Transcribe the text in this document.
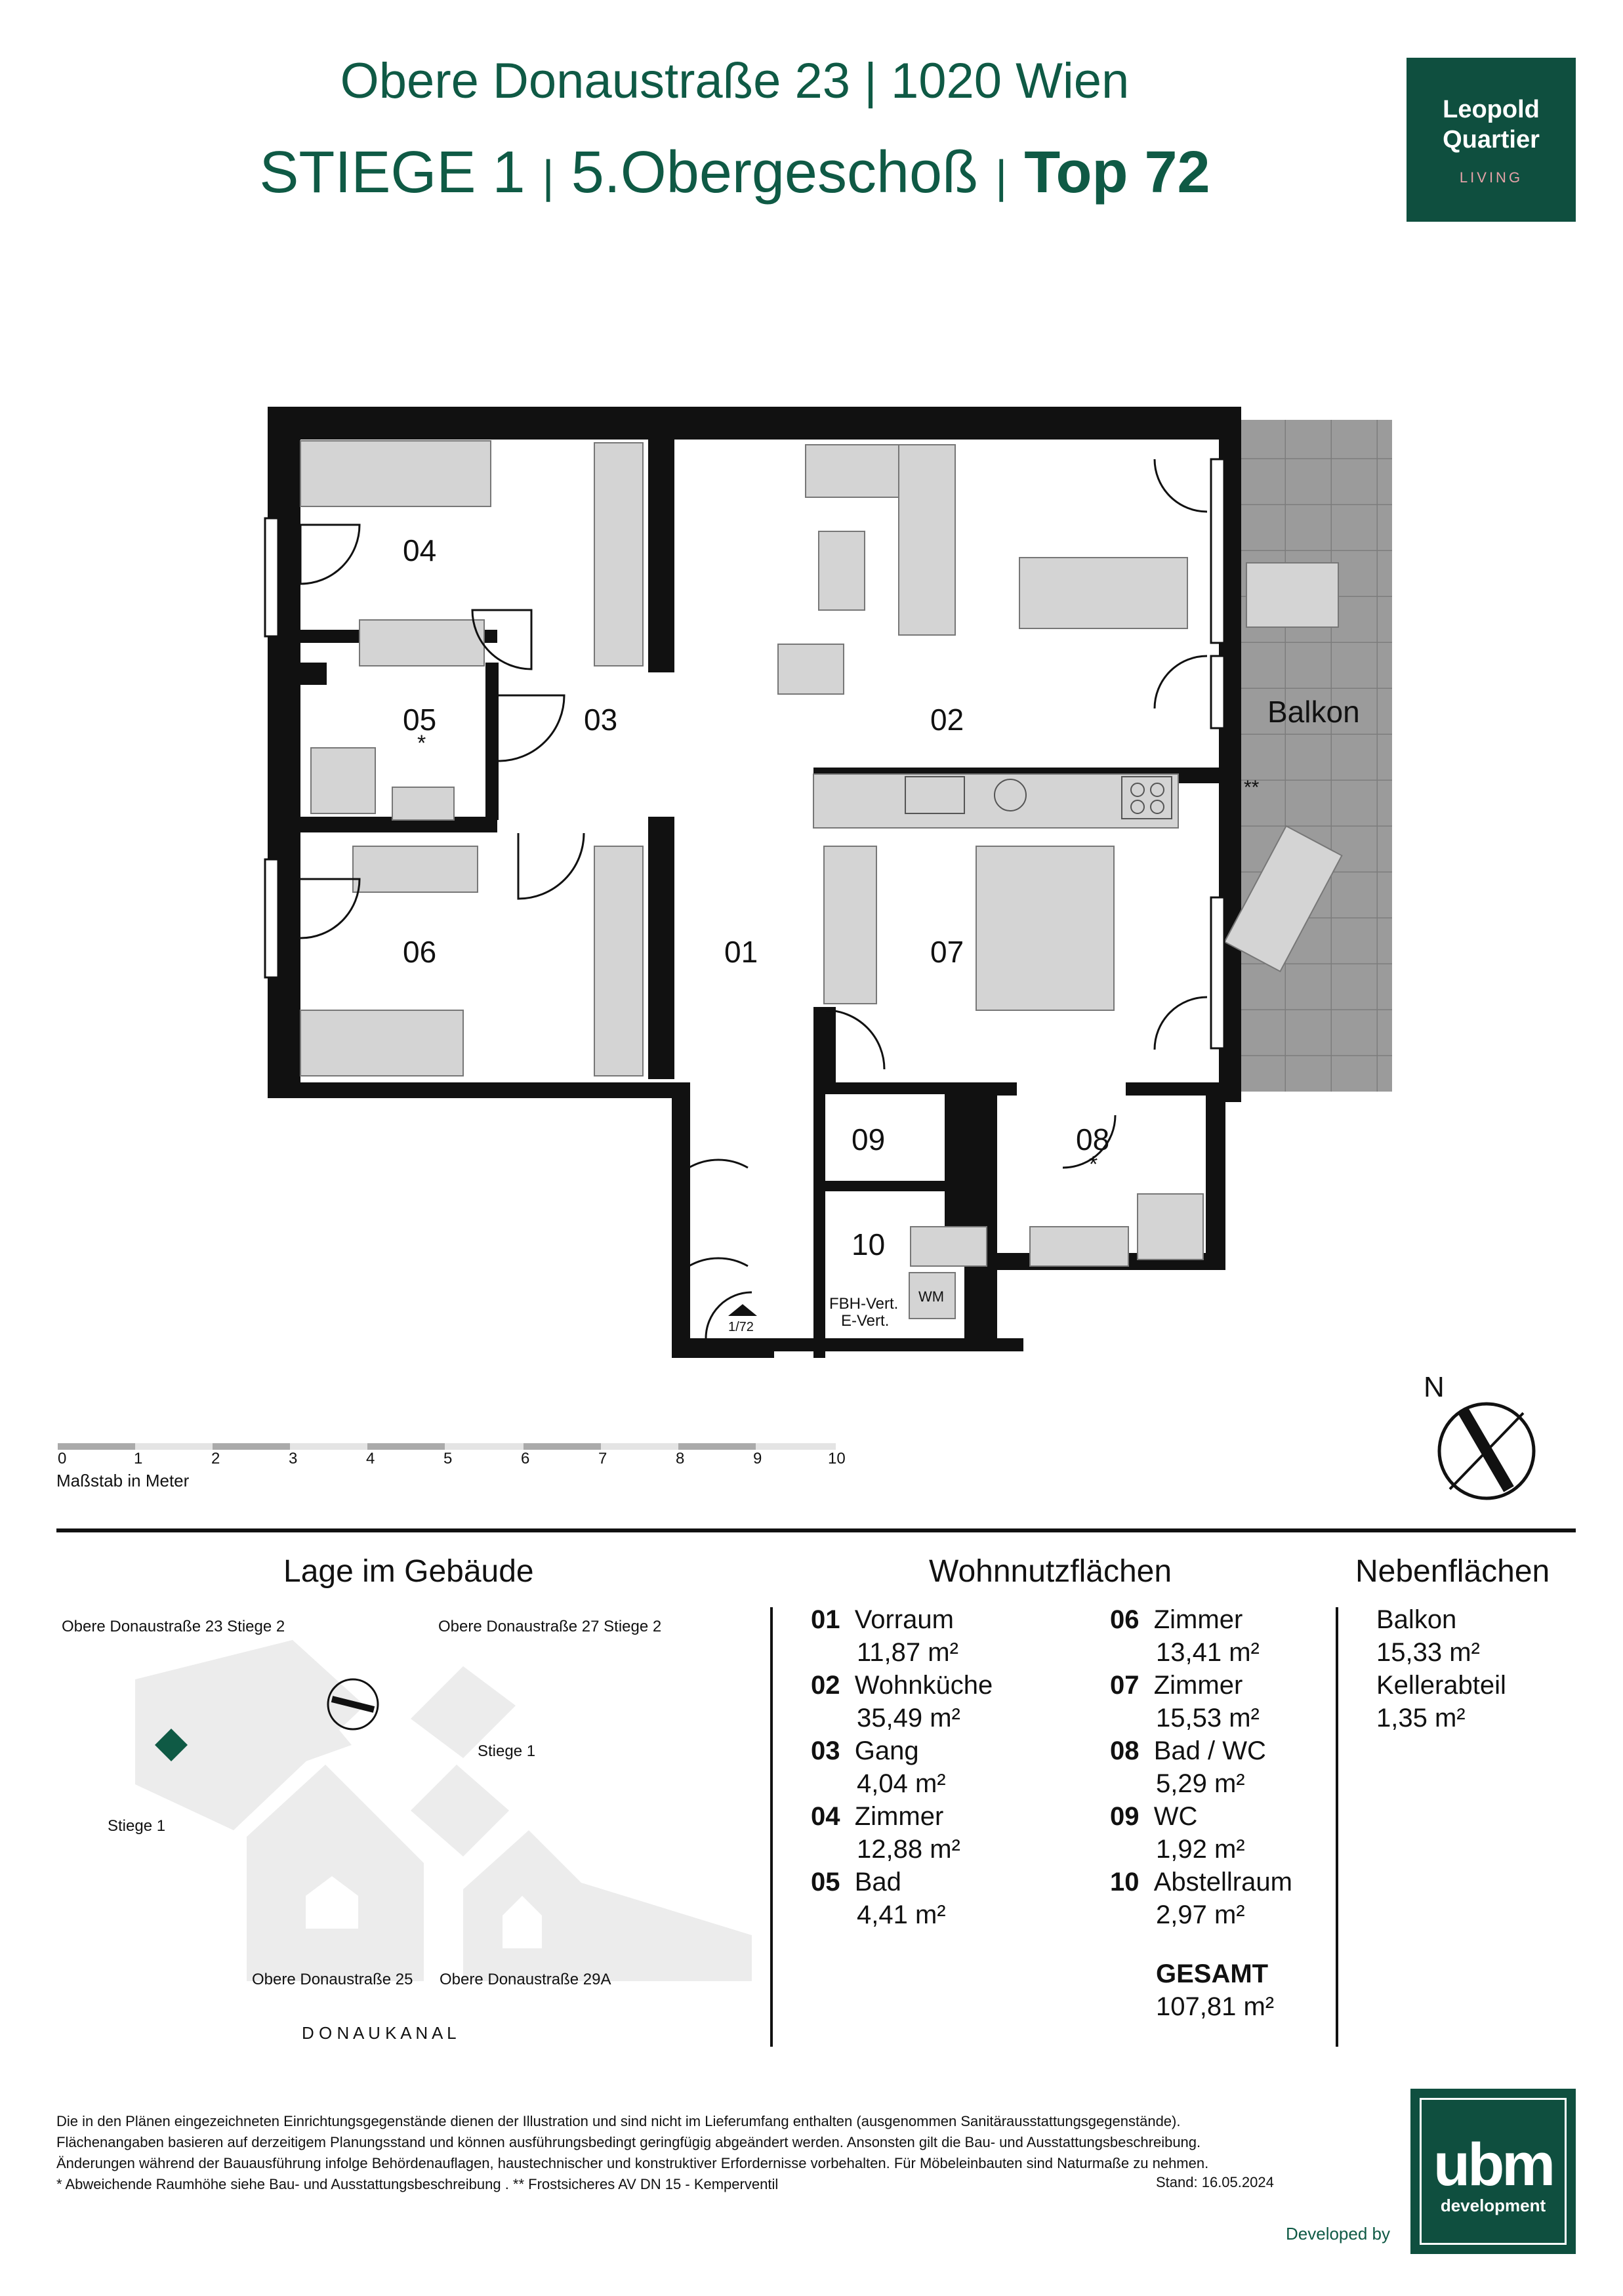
Obere Donaustraße 23 | 1020 Wien
STIEGE 1 | 5.Obergeschoß | Top 72
Leopold
Quartier
LIVING
04
05
*
03	02
06	01	07
09	08
*
10
Balkon
**
FBH-Vert.
E-Vert.
WM
1/72
0	1	2	3	4	5	6	7	8	9	10
Maßstab in Meter
N
Lage im Gebäude
Obere Donaustraße 23 Stiege 2	Obere Donaustraße 27 Stiege 2
Stiege 1
Stiege 1
Obere Donaustraße 25 Obere Donaustraße 29A
D O N A U K A N A L
Wohnnutzflächen
01 Vorraum
11,87 m²
02 Wohnküche
35,49 m²
03 Gang
4,04 m²
04 Zimmer
12,88 m²
05 Bad
4,41 m²
06 Zimmer
13,41 m²
07 Zimmer
15,53 m²
08 Bad / WC
5,29 m²
09 WC
1,92 m²
10 Abstellraum
2,97 m²
GESAMT
107,81 m²
Nebenflächen
Balkon
15,33 m²
Kellerabteil
1,35 m²
Die in den Plänen eingezeichneten Einrichtungsgegenstände dienen der Illustration und sind nicht im Lieferumfang enthalten (ausgenommen Sanitärausstattungsgegenstände).
Flächenangaben basieren auf derzeitigem Planungsstand und können ausführungsbedingt geringfügig abgeändert werden. Ansonsten gilt die Bau- und Ausstattungsbeschreibung.
Änderungen während der Bauausführung infolge Behördenauflagen, haustechnischer und konstruktiver Erfordernisse vorbehalten. Für Möbeleinbauten sind Naturmaße zu nehmen.
* Abweichende Raumhöhe siehe Bau- und Ausstattungsbeschreibung . ** Frostsicheres AV DN 15 - Kemperventil	Stand: 16.05.2024
Developed by
ubm
development
